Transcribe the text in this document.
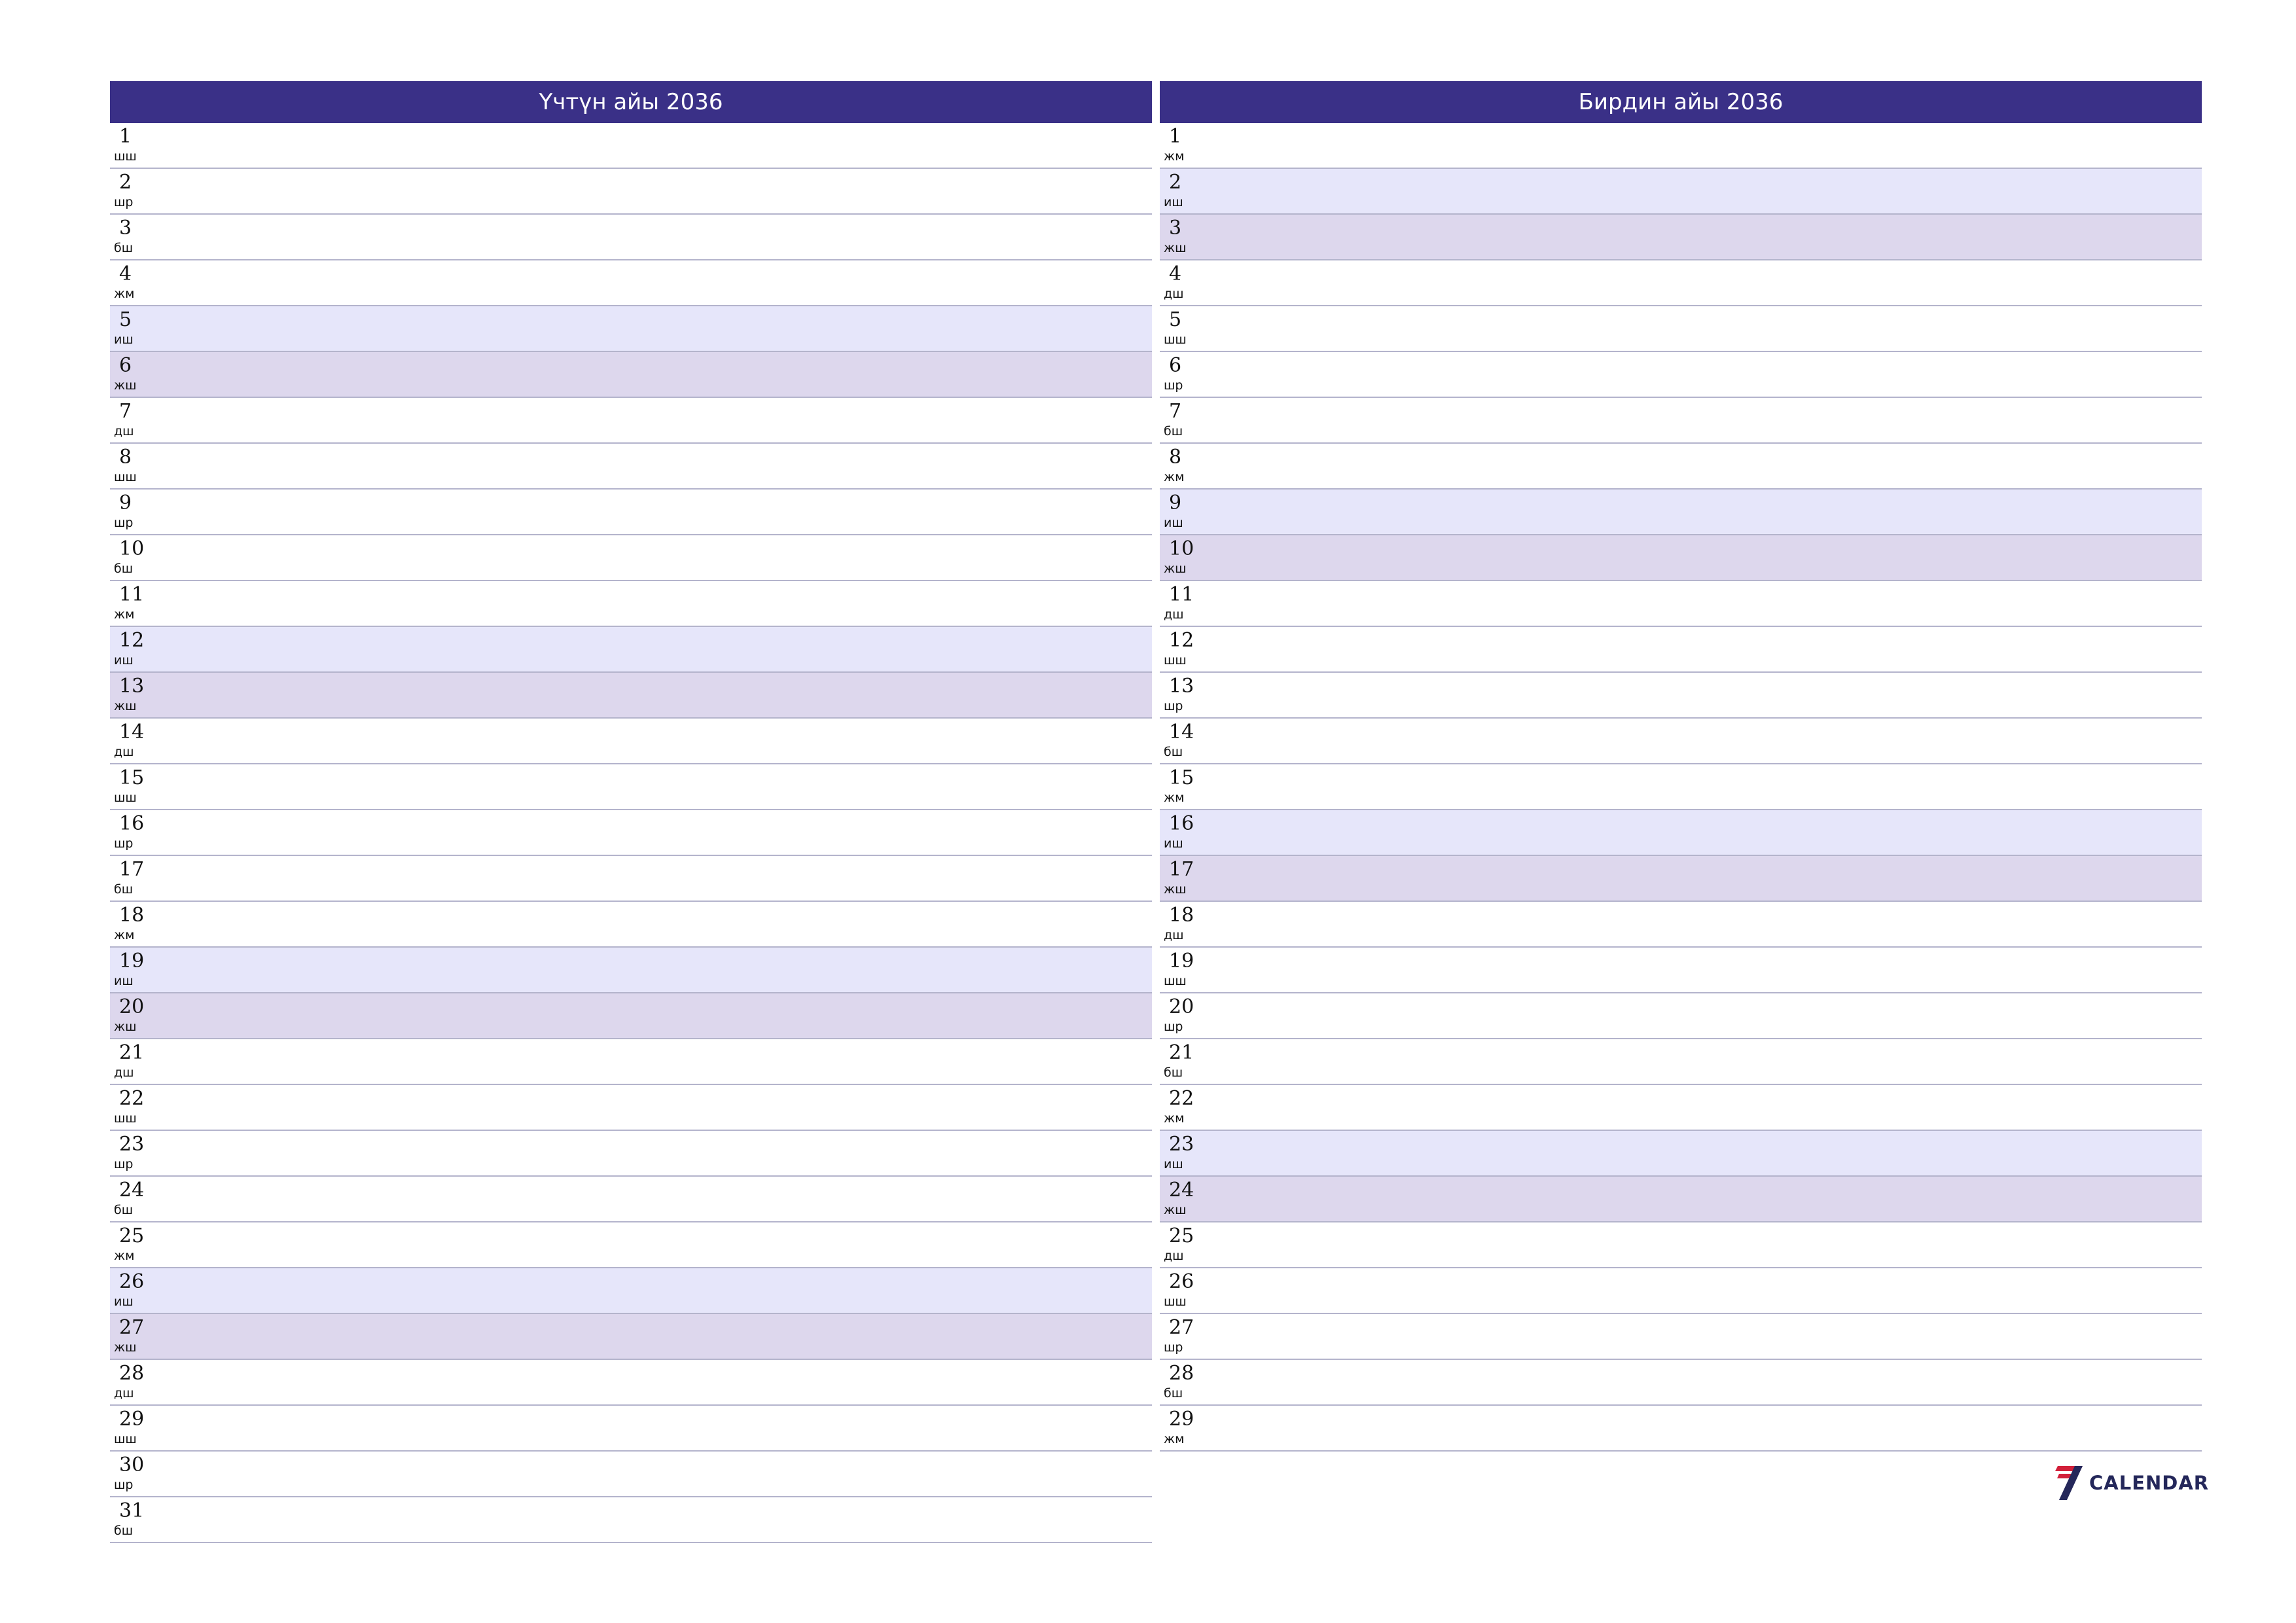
Үчтүн айы 2036
1
шш
2
шр
3
бш
4
жм
5
иш
6
жш
7
дш
8
шш
9
шр
10
бш
11
жм
12
иш
13
жш
14
дш
15
шш
16
шр
17
бш
18
жм
19
иш
20
жш
21
дш
22
шш
23
шр
24
бш
25
жм
26
иш
27
жш
28
дш
29
шш
30
шр
31
бш
Бирдин айы 2036
1
жм
2
иш
3
жш
4
дш
5
шш
6
шр
7
бш
8
жм
9
иш
10
жш
11
дш
12
шш
13
шр
14
бш
15
жм
16
иш
17
жш
18
дш
19
шш
20
шр
21
бш
22
жм
23
иш
24
жш
25
дш
26
шш
27
шр
28
бш
29
жм
CALENDAR
